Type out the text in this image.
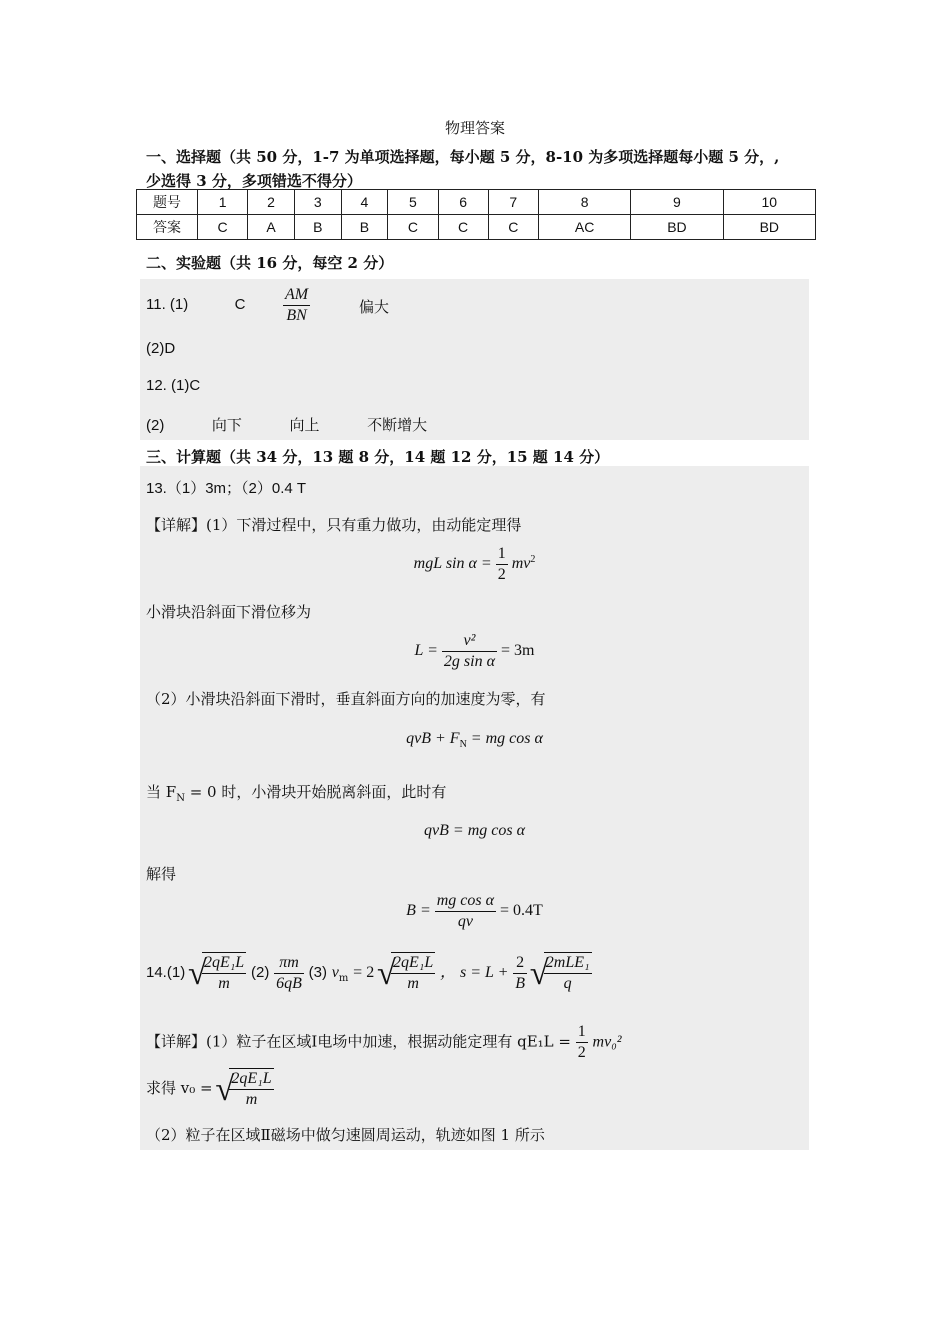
物理答案
一、选择题（共 50 分，1-7 为单项选择题，每小题 5 分，8-10 为多项选择题每小题 5 分，,
少选得 3 分，多项错选不得分）
题号	1	2	3	4	5	6	7	8	9	10
答案	C	A	B	B	C	C	C	AC	BD	BD
二、实验题（共 16 分，每空 2 分）
11. (1)	C $\frac{AM}{BN}$	偏大
(2)D
12. (1)C
(2)	向下	向上	不断增大
三、计算题（共 34 分，13 题 8 分，14 题 12 分，15 题 14 分）
13.（1）3m；（2）0.4 T
【详解】(1）下滑过程中，只有重力做功，由动能定理得
mgL $\sin \alpha = \frac{1}{2} mv^2$
小滑块沿斜面下滑位移为
$L = \frac{\text{v²}}{\text{2g sin α}} = 3m$
（2）小滑块沿斜面下滑时，垂直斜面方向的加速度为零，有
qvB + $F_N$ = mg cos α
当 $F_N = 0$ 时，小滑块开始脱离斜面，此时有
qvB = mg cos α
解得
$B = \frac{\text{mg cos α}}{qv} = 0.4T$
14.(1) √ $\frac{\text{2qE₁L}}{m} (2) \frac{\pi m}{6qB} (3) v_m = 2$ √ $\frac{\text{2qE₁L}}{m}$ ， $s = L + \frac{2}{B}$
√ $\frac{\text{2mLE₁}}{q}$
【详解】(1）粒子在区域Ⅰ电场中加速，根据动能定理有 $qE_1L = \frac{1}{2} mv_0^2$
求得 v₀ = √ $\frac{\text{2qE₁L}}{m}$
（2）粒子在区域Ⅱ磁场中做匀速圆周运动，轨迹如图 1 所示
